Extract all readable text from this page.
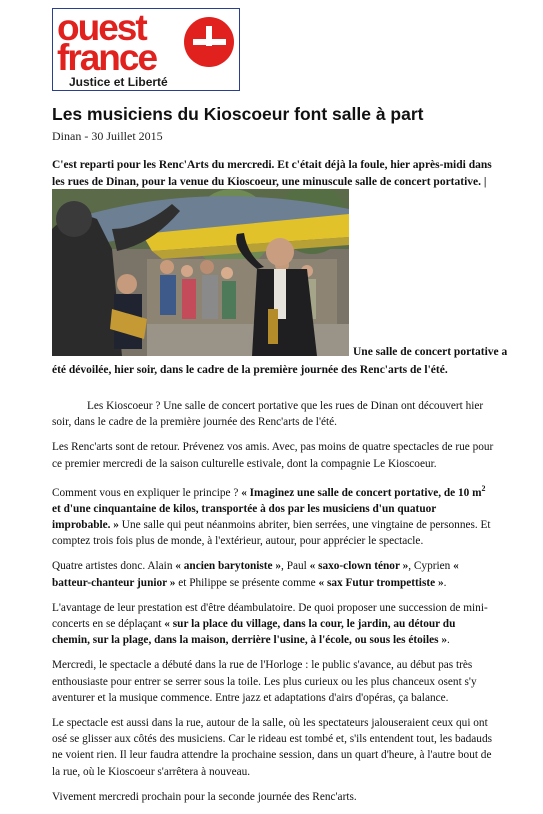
ouest
france
Justice et Liberté
Les musiciens du Kioscoeur font salle à part
Dinan - 30 Juillet 2015

C'est reparti pour les Renc'Arts du mercredi. Et c'était déjà la foule, hier après-midi dans les rues de Dinan, pour la venue du Kioscoeur, une minuscule salle de concert portative. |

Une salle de concert portative a été dévoilée, hier soir, dans le cadre de la première journée des Renc'arts de l'été.

Les Kioscoeur ? Une salle de concert portative que les rues de Dinan ont découvert hier soir, dans le cadre de la première journée des Renc'arts de l'été.

Les Renc'arts sont de retour. Prévenez vos amis. Avec, pas moins de quatre spectacles de rue pour ce premier mercredi de la saison culturelle estivale, dont la compagnie Le Kioscoeur.

Comment vous en expliquer le principe ? « Imaginez une salle de concert portative, de 10 $m^2$ et d'une cinquantaine de kilos, transportée à dos par les musiciens d'un quatuor improbable. » Une salle qui peut néanmoins abriter, bien serrées, une vingtaine de personnes. Et comptez trois fois plus de monde, à l'extérieur, autour, pour apprécier le spectacle.

Quatre artistes donc. Alain « ancien barytoniste », Paul « saxo-clown ténor », Cyprien « batteur-chanteur junior » et Philippe se présente comme « sax Futur trompettiste ».

L'avantage de leur prestation est d'être déambulatoire. De quoi proposer une succession de mini-concerts en se déplaçant « sur la place du village, dans la cour, le jardin, au détour du chemin, sur la plage, dans la maison, derrière l'usine, à l'école, ou sous les étoiles ».

Mercredi, le spectacle a débuté dans la rue de l'Horloge : le public s'avance, au début pas très enthousiaste pour entrer se serrer sous la toile. Les plus curieux ou les plus chanceux osent s'y aventurer et la musique commence. Entre jazz et adaptations d'airs d'opéras, ça balance.

Le spectacle est aussi dans la rue, autour de la salle, où les spectateurs jalouseraient ceux qui ont osé se glisser aux côtés des musiciens. Car le rideau est tombé et, s'ils entendent tout, les badauds ne voient rien. Il leur faudra attendre la prochaine session, dans un quart d'heure, à l'autre bout de la rue, où le Kioscoeur s'arrêtera à nouveau.

Vivement mercredi prochain pour la seconde journée des Renc'arts.
